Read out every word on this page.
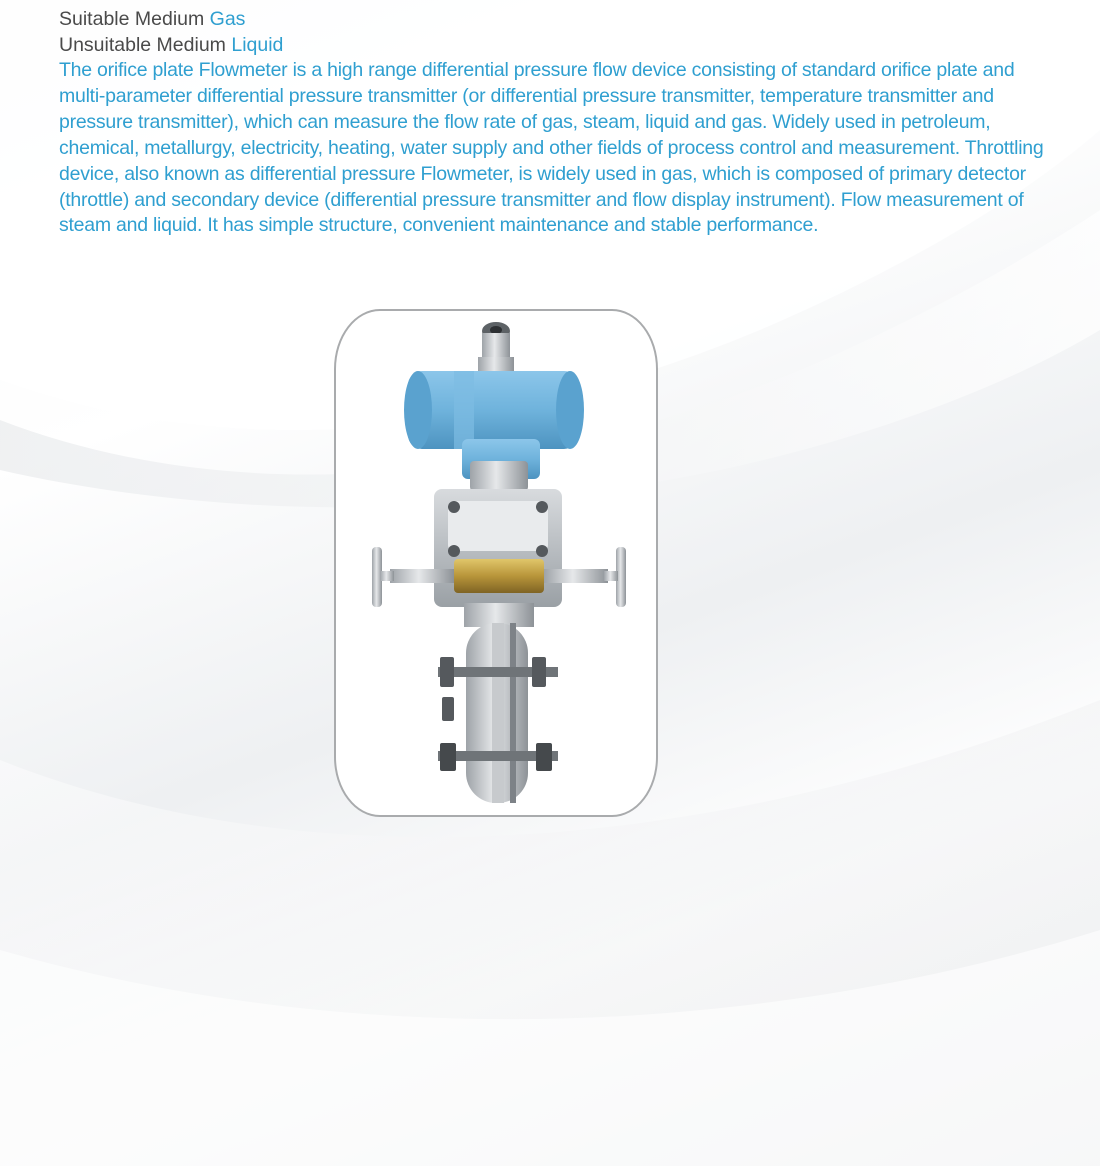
Suitable Medium Gas
Unsuitable Medium Liquid

The orifice plate Flowmeter is a high range differential pressure flow device consisting of standard orifice plate and multi-parameter differential pressure transmitter (or differential pressure transmitter, temperature transmitter and pressure transmitter), which can measure the flow rate of gas, steam, liquid and gas. Widely used in petroleum, chemical, metallurgy, electricity, heating, water supply and other fields of process control and measurement. Throttling device, also known as differential pressure Flowmeter, is widely used in gas, which is composed of primary detector (throttle) and secondary device (differential pressure transmitter and flow display instrument). Flow measurement of steam and liquid. It has simple structure, convenient maintenance and stable performance.
